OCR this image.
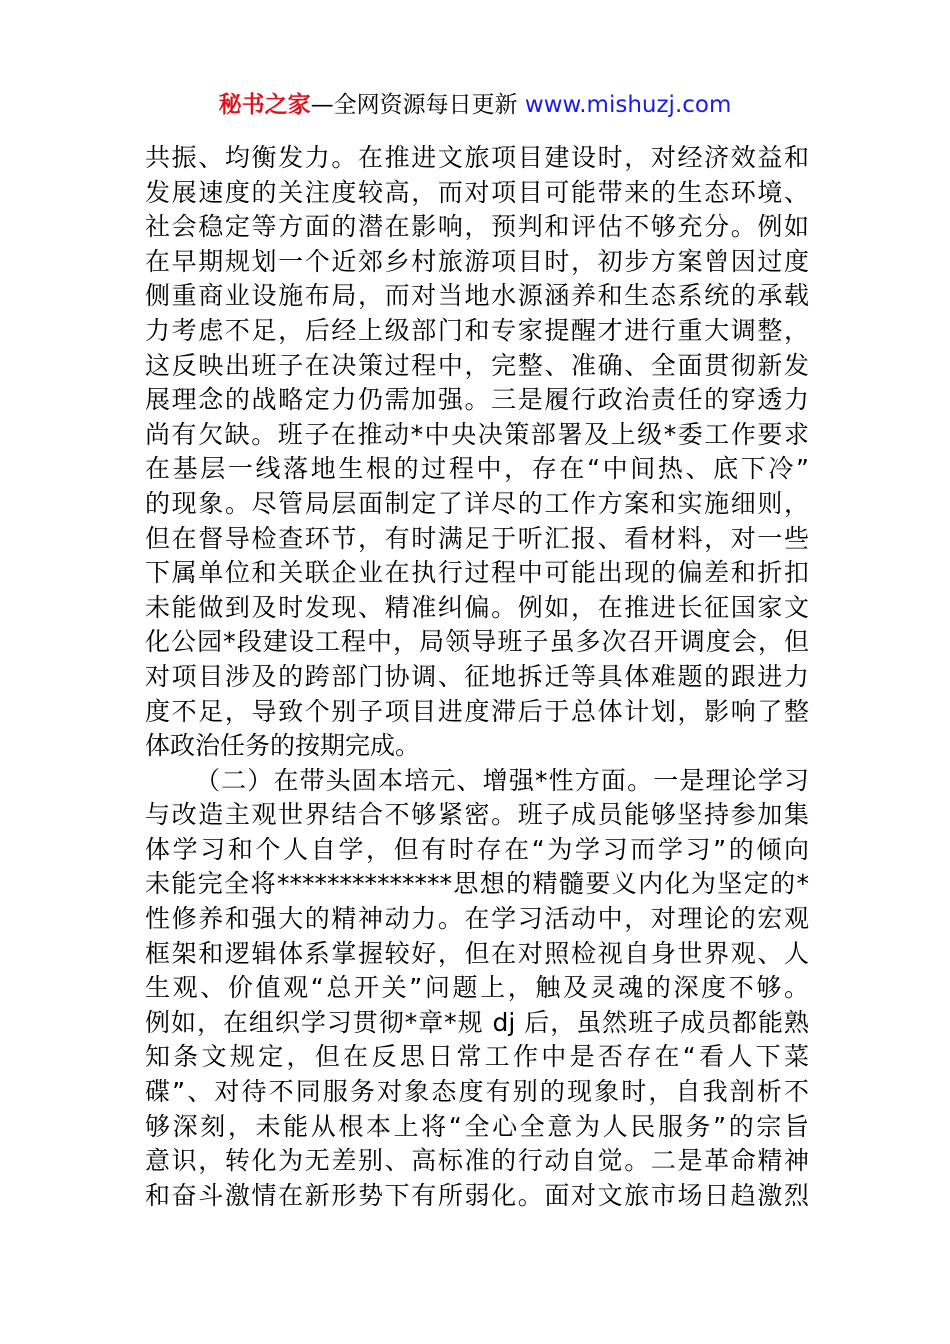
秘书之家—全网资源每日更新 www.mishuzj.com
共振、均衡发力。在推进文旅项目建设时，对经济效益和
发展速度的关注度较高，而对项目可能带来的生态环境、
社会稳定等方面的潜在影响，预判和评估不够充分。例如
在早期规划一个近郊乡村旅游项目时，初步方案曾因过度
侧重商业设施布局，而对当地水源涵养和生态系统的承载
力考虑不足，后经上级部门和专家提醒才进行重大调整，
这反映出班子在决策过程中，完整、准确、全面贯彻新发
展理念的战略定力仍需加强。三是履行政治责任的穿透力
尚有欠缺。班子在推动*中央决策部署及上级*委工作要求
在基层一线落地生根的过程中，存在“中间热、底下冷”
的现象。尽管局层面制定了详尽的工作方案和实施细则，
但在督导检查环节，有时满足于听汇报、看材料，对一些
下属单位和关联企业在执行过程中可能出现的偏差和折扣
未能做到及时发现、精准纠偏。例如，在推进长征国家文
化公园*段建设工程中，局领导班子虽多次召开调度会，但
对项目涉及的跨部门协调、征地拆迁等具体难题的跟进力
度不足，导致个别子项目进度滞后于总体计划，影响了整
体政治任务的按期完成。
（二）在带头固本培元、增强*性方面。一是理论学习
与改造主观世界结合不够紧密。班子成员能够坚持参加集
体学习和个人自学，但有时存在“为学习而学习”的倾向
未能完全将**************思想的精髓要义内化为坚定的*
性修养和强大的精神动力。在学习活动中，对理论的宏观
框架和逻辑体系掌握较好，但在对照检视自身世界观、人
生观、价值观“总开关”问题上，触及灵魂的深度不够。
例如，在组织学习贯彻*章*规 dj 后，虽然班子成员都能熟
知条文规定，但在反思日常工作中是否存在“看人下菜
碟”、对待不同服务对象态度有别的现象时，自我剖析不
够深刻，未能从根本上将“全心全意为人民服务”的宗旨
意识，转化为无差别、高标准的行动自觉。二是革命精神
和奋斗激情在新形势下有所弱化。面对文旅市场日趋激烈
